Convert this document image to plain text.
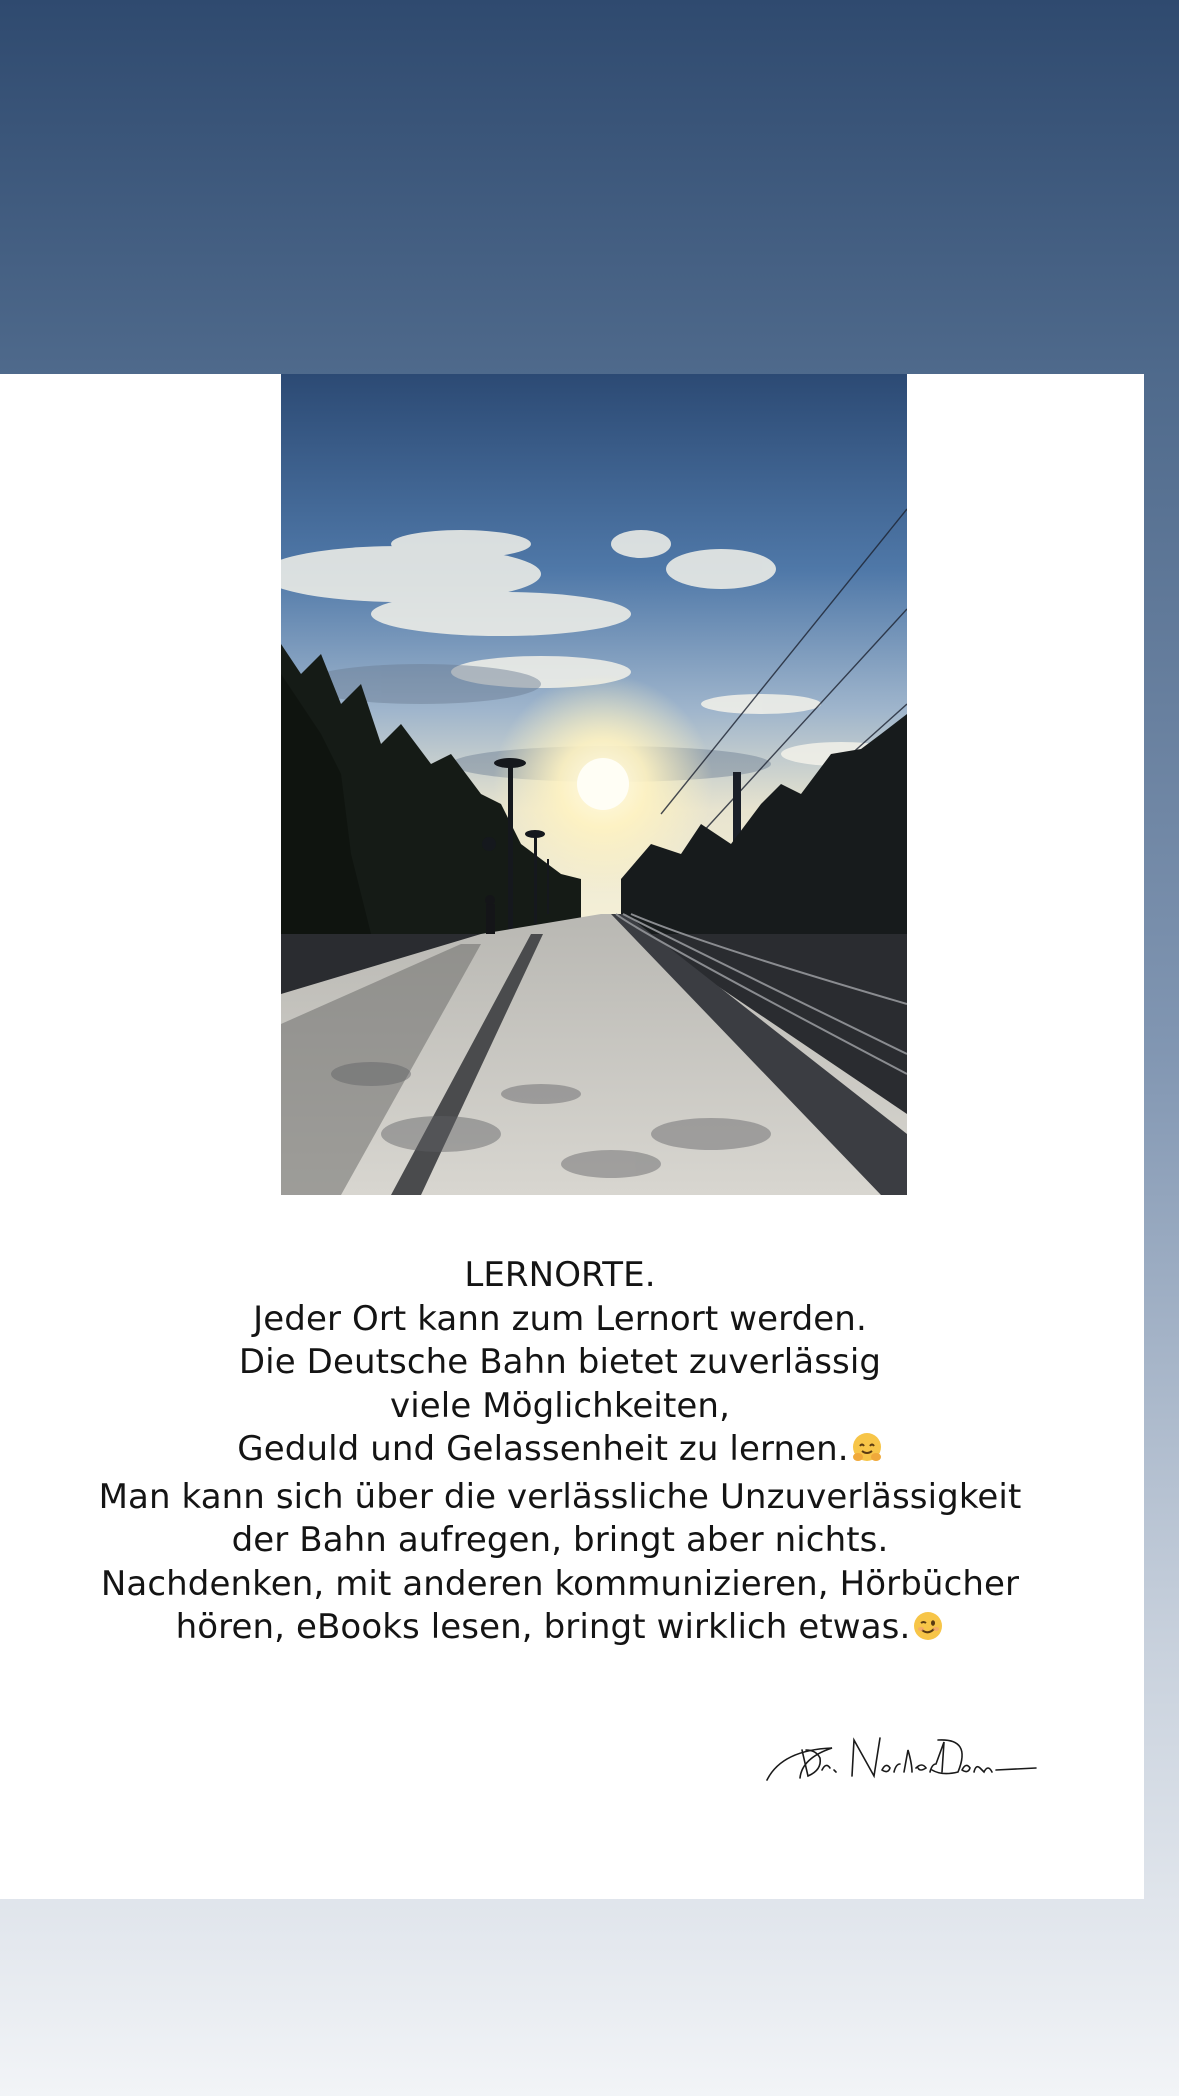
LERNORTE.
Jeder Ort kann zum Lernort werden.
Die Deutsche Bahn bietet zuverlässig
viele Möglichkeiten,
Geduld und Gelassenheit zu lernen.
Man kann sich über die verlässliche Unzuverlässigkeit
der Bahn aufregen, bringt aber nichts.
Nachdenken, mit anderen kommunizieren, Hörbücher
hören, eBooks lesen, bringt wirklich etwas.
